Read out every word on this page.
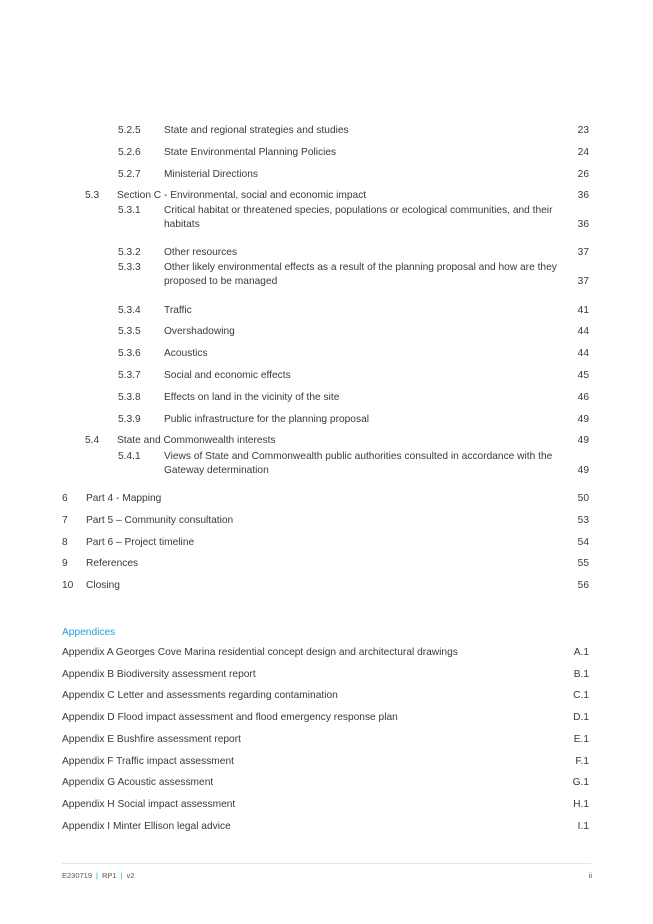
5.2.5 State and regional strategies and studies	23
5.2.6 State Environmental Planning Policies	24
5.2.7 Ministerial Directions	26
5.3 Section C - Environmental, social and economic impact	36
5.3.1 Critical habitat or threatened species, populations or ecological communities, and their habitats	36
5.3.2 Other resources	37
5.3.3 Other likely environmental effects as a result of the planning proposal and how are they proposed to be managed	37
5.3.4 Traffic	41
5.3.5 Overshadowing	44
5.3.6 Acoustics	44
5.3.7 Social and economic effects	45
5.3.8 Effects on land in the vicinity of the site	46
5.3.9 Public infrastructure for the planning proposal	49
5.4 State and Commonwealth interests	49
5.4.1 Views of State and Commonwealth public authorities consulted in accordance with the Gateway determination	49
6 Part 4 - Mapping	50
7 Part 5 – Community consultation	53
8 Part 6 – Project timeline	54
9 References	55
10 Closing	56
Appendices
Appendix A Georges Cove Marina residential concept design and architectural drawings	A.1
Appendix B Biodiversity assessment report	B.1
Appendix C Letter and assessments regarding contamination	C.1
Appendix D Flood impact assessment and flood emergency response plan	D.1
Appendix E Bushfire assessment report	E.1
Appendix F Traffic impact assessment	F.1
Appendix G Acoustic assessment	G.1
Appendix H Social impact assessment	H.1
Appendix I Minter Ellison legal advice	I.1
E230719 | RP1 | v2	ii
